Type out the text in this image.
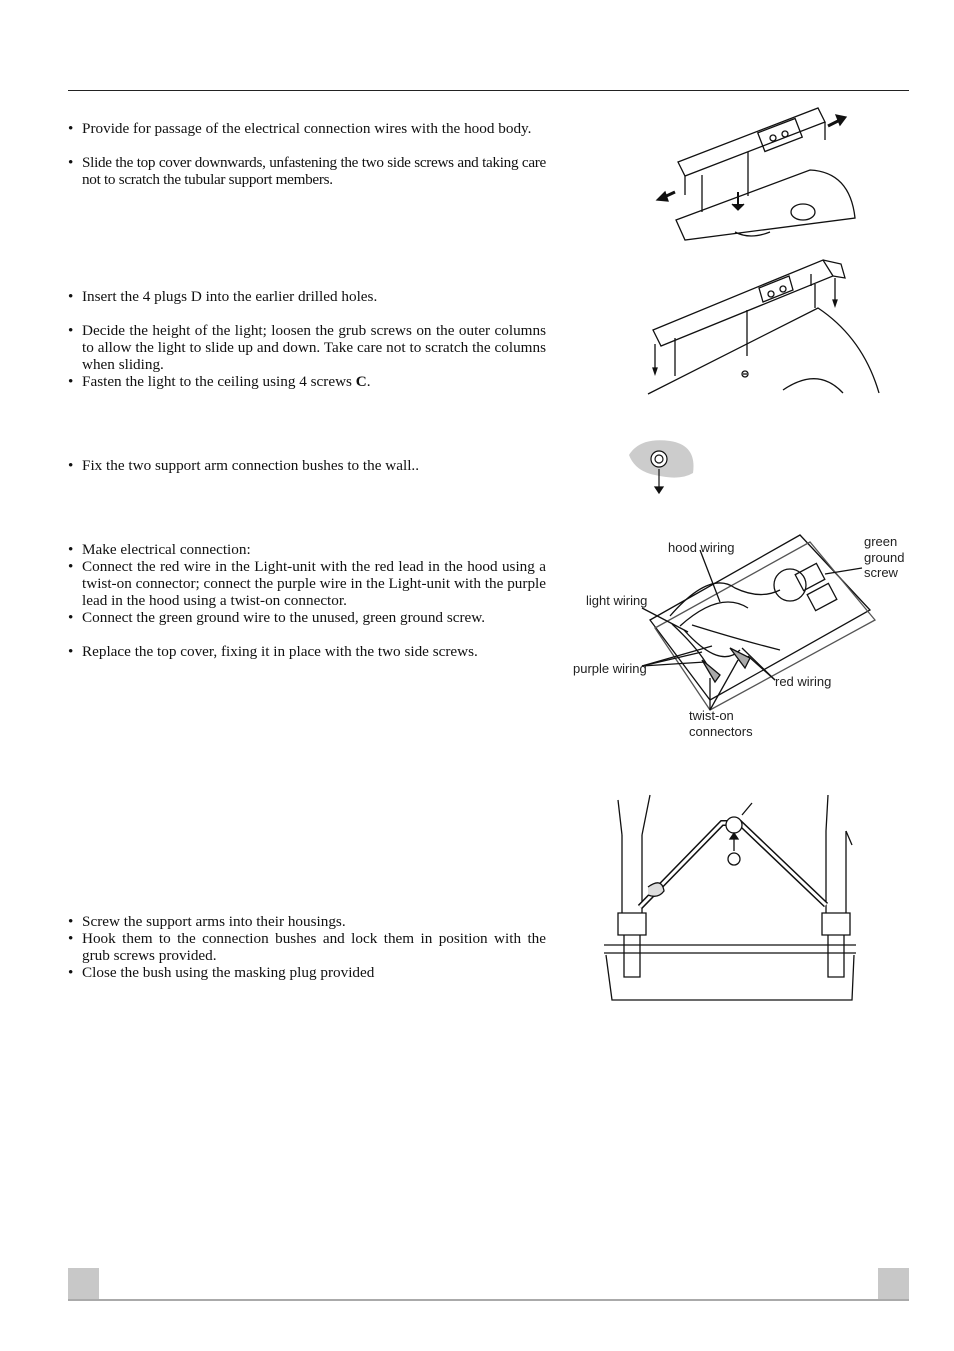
• Provide for passage of the electrical connection wires with the hood body.
• Slide the top cover downwards, unfastening the two side screws and taking care not to scratch the tubular support members.
• Insert the 4 plugs D into the earlier drilled holes.
• Decide the height of the light; loosen the grub screws on the outer columns to allow the light to slide up and down. Take care not to scratch the columns when sliding.
• Fasten the light to the ceiling using 4 screws C.
• Fix the two support arm connection bushes to the wall..
• Make electrical connection:
• Connect the red wire in the Light-unit with the red lead in the hood using a twist-on connector; connect the purple wire in the Light-unit with the purple lead in the hood using a twist-on connector.
• Connect the green ground wire to the unused, green ground screw.
• Replace the top cover, fixing it in place with the two side screws.
• Screw the support arms into their housings.
• Hook them to the connection bushes and lock them in position with the grub screws provided.
• Close the bush using the masking plug provided
hood wiring	green
ground
screw
light wiring
purple wiring
red wiring
twist-on
connectors
